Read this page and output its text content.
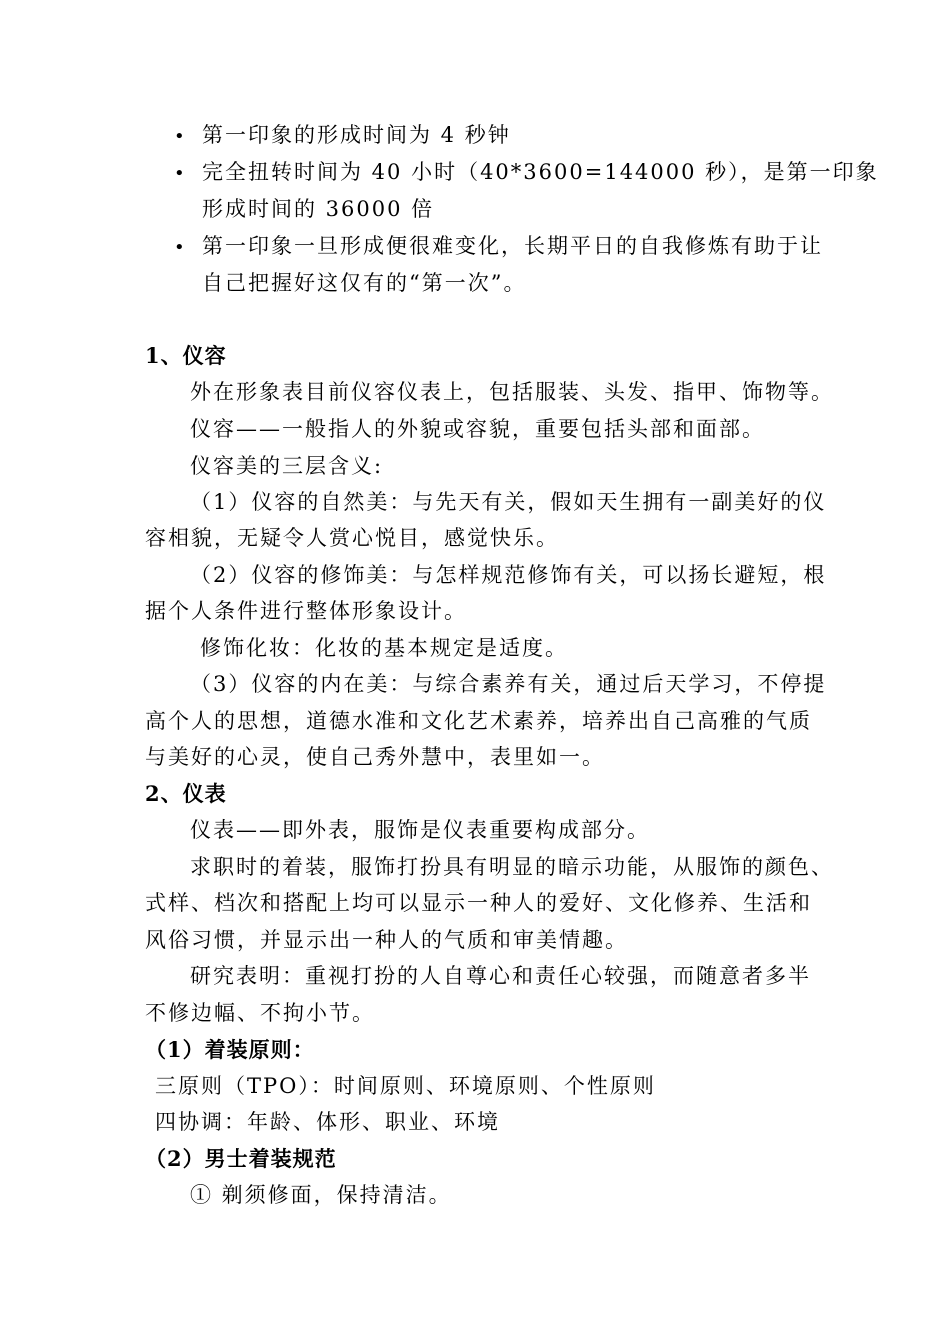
• 第一印象的形成时间为 4 秒钟
• 完全扭转时间为 40 小时（40*3600=144000 秒），是第一印象
形成时间的 36000 倍
• 第一印象一旦形成便很难变化，长期平日的自我修炼有助于让
自己把握好这仅有的“第一次”。
1、仪容
外在形象表目前仪容仪表上，包括服装、头发、指甲、饰物等。
仪容——一般指人的外貌或容貌，重要包括头部和面部。
仪容美的三层含义:
（1）仪容的自然美：与先天有关，假如天生拥有一副美好的仪
容相貌，无疑令人赏心悦目，感觉快乐。
（2）仪容的修饰美：与怎样规范修饰有关，可以扬长避短，根
据个人条件进行整体形象设计。
修饰化妆：化妆的基本规定是适度。
（3）仪容的内在美：与综合素养有关，通过后天学习，不停提
高个人的思想，道德水准和文化艺术素养，培养出自己高雅的气质
与美好的心灵，使自己秀外慧中，表里如一。
2、仪表
仪表——即外表，服饰是仪表重要构成部分。
求职时的着装，服饰打扮具有明显的暗示功能，从服饰的颜色、
式样、档次和搭配上均可以显示一种人的爱好、文化修养、生活和
风俗习惯，并显示出一种人的气质和审美情趣。
研究表明：重视打扮的人自尊心和责任心较强，而随意者多半
不修边幅、不拘小节。
（1）着装原则：
三原则（TPO）：时间原则、环境原则、个性原则
四协调：年龄、体形、职业、环境
（2）男士着装规范
① 剃须修面，保持清洁。
